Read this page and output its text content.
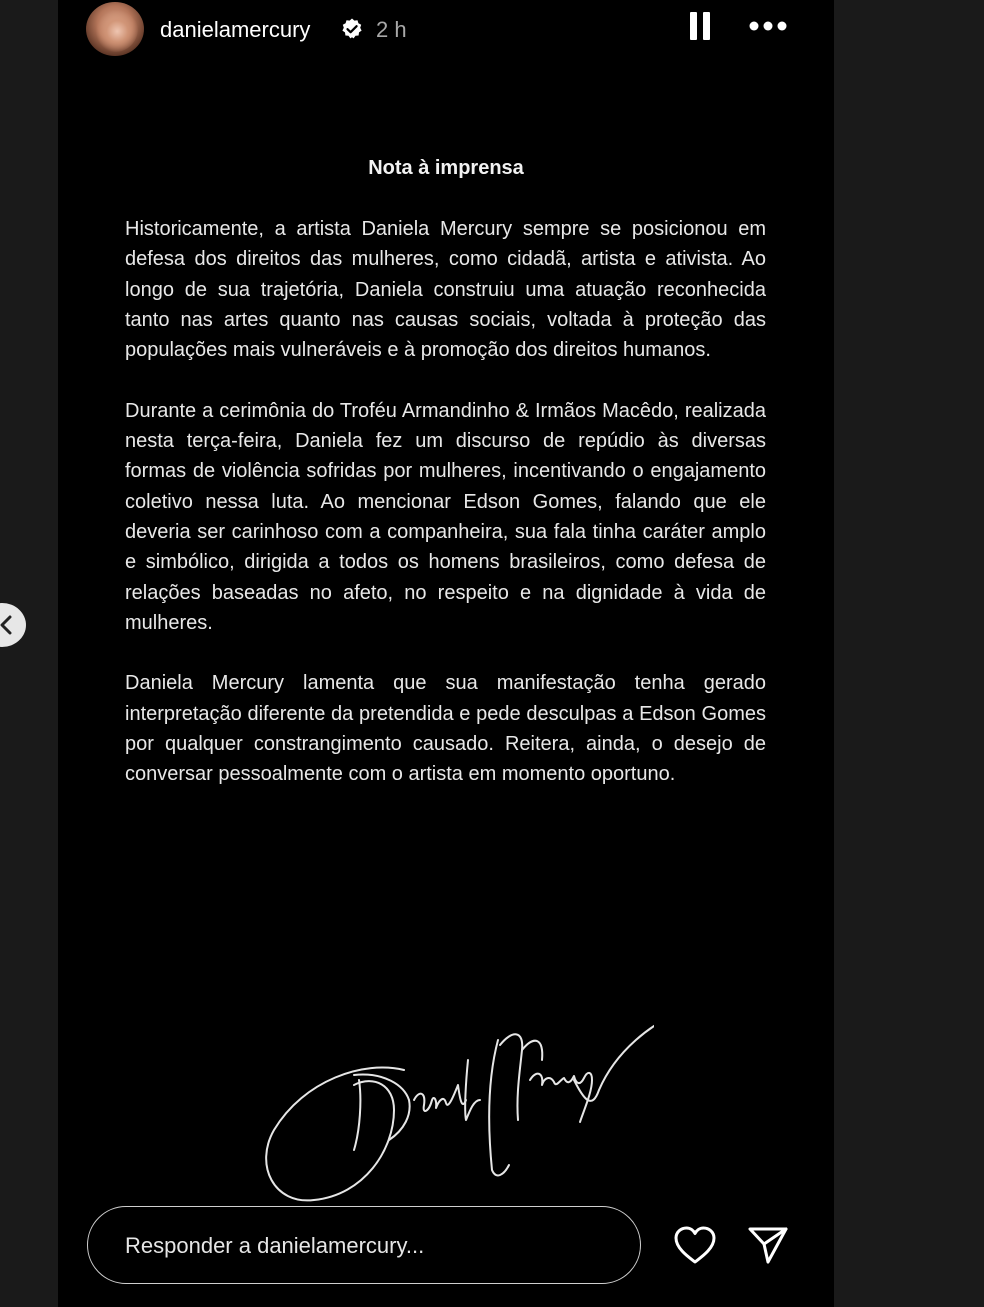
danielamercury	2 h
Nota à imprensa

Historicamente, a artista Daniela Mercury sempre se posicionou em defesa dos direitos das mulheres, como cidadã, artista e ativista. Ao longo de sua trajetória, Daniela construiu uma atuação reconhecida tanto nas artes quanto nas causas sociais, voltada à proteção das populações mais vulneráveis e à promoção dos direitos humanos.

Durante a cerimônia do Troféu Armandinho & Irmãos Macêdo, realizada nesta terça-feira, Daniela fez um discurso de repúdio às diversas formas de violência sofridas por mulheres, incentivando o engajamento coletivo nessa luta. Ao mencionar Edson Gomes, falando que ele deveria ser carinhoso com a companheira, sua fala tinha caráter amplo e simbólico, dirigida a todos os homens brasileiros, como defesa de relações baseadas no afeto, no respeito e na dignidade à vida de mulheres.

Daniela Mercury lamenta que sua manifestação tenha gerado interpretação diferente da pretendida e pede desculpas a Edson Gomes por qualquer constrangimento causado. Reitera, ainda, o desejo de conversar pessoalmente com o artista em momento oportuno.

Responder a danielamercury...
